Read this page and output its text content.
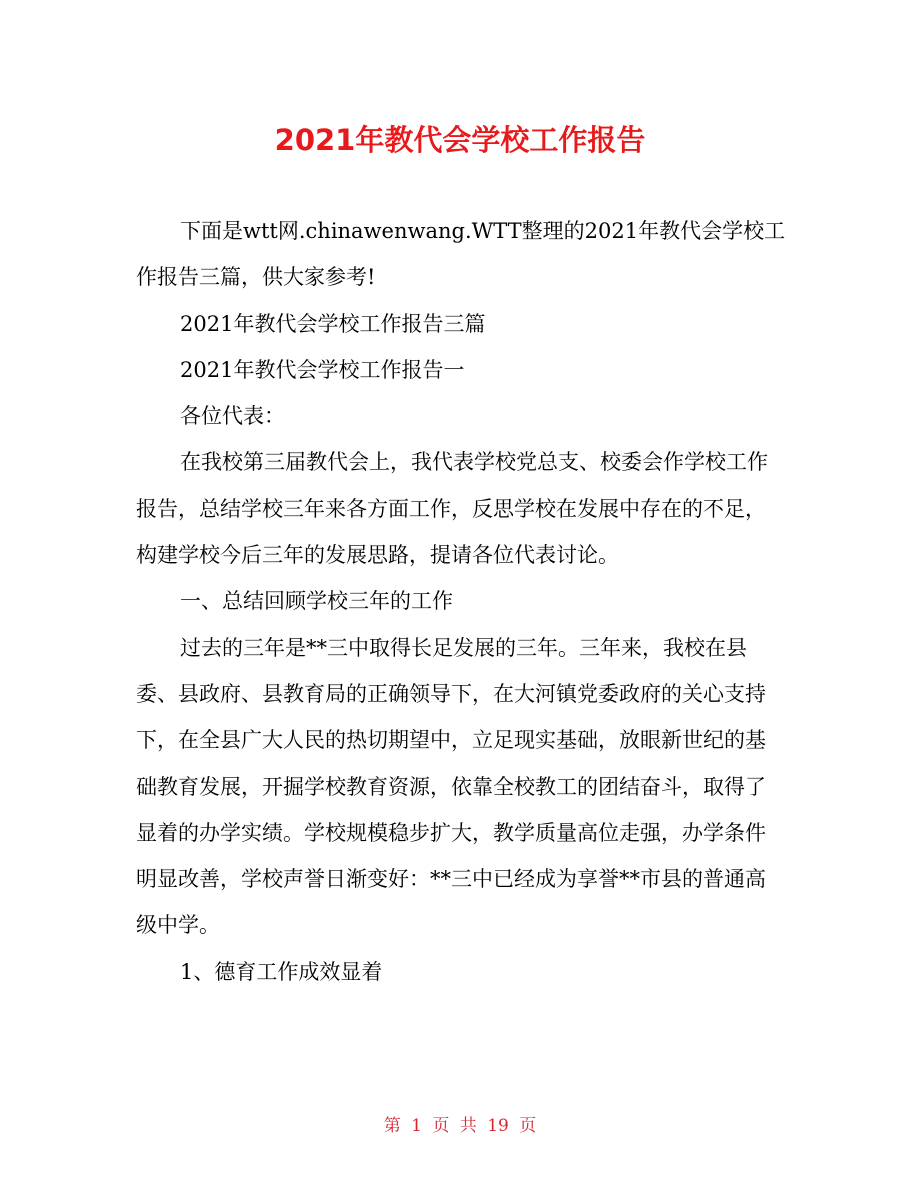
2021年教代会学校工作报告

下面是wtt网.chinawenwang.WTT整理的2021年教代会学校工作报告三篇，供大家参考!

2021年教代会学校工作报告三篇

2021年教代会学校工作报告一

各位代表：

在我校第三届教代会上，我代表学校党总支、校委会作学校工作报告，总结学校三年来各方面工作，反思学校在发展中存在的不足，构建学校今后三年的发展思路，提请各位代表讨论。

一、总结回顾学校三年的工作

过去的三年是**三中取得长足发展的三年。三年来，我校在县委、县政府、县教育局的正确领导下，在大河镇党委政府的关心支持下，在全县广大人民的热切期望中，立足现实基础，放眼新世纪的基础教育发展，开掘学校教育资源，依靠全校教工的团结奋斗，取得了显着的办学实绩。学校规模稳步扩大，教学质量高位走强，办学条件明显改善，学校声誉日渐变好：**三中已经成为享誉**市县的普通高级中学。

1、德育工作成效显着

第 1 页 共 19 页
